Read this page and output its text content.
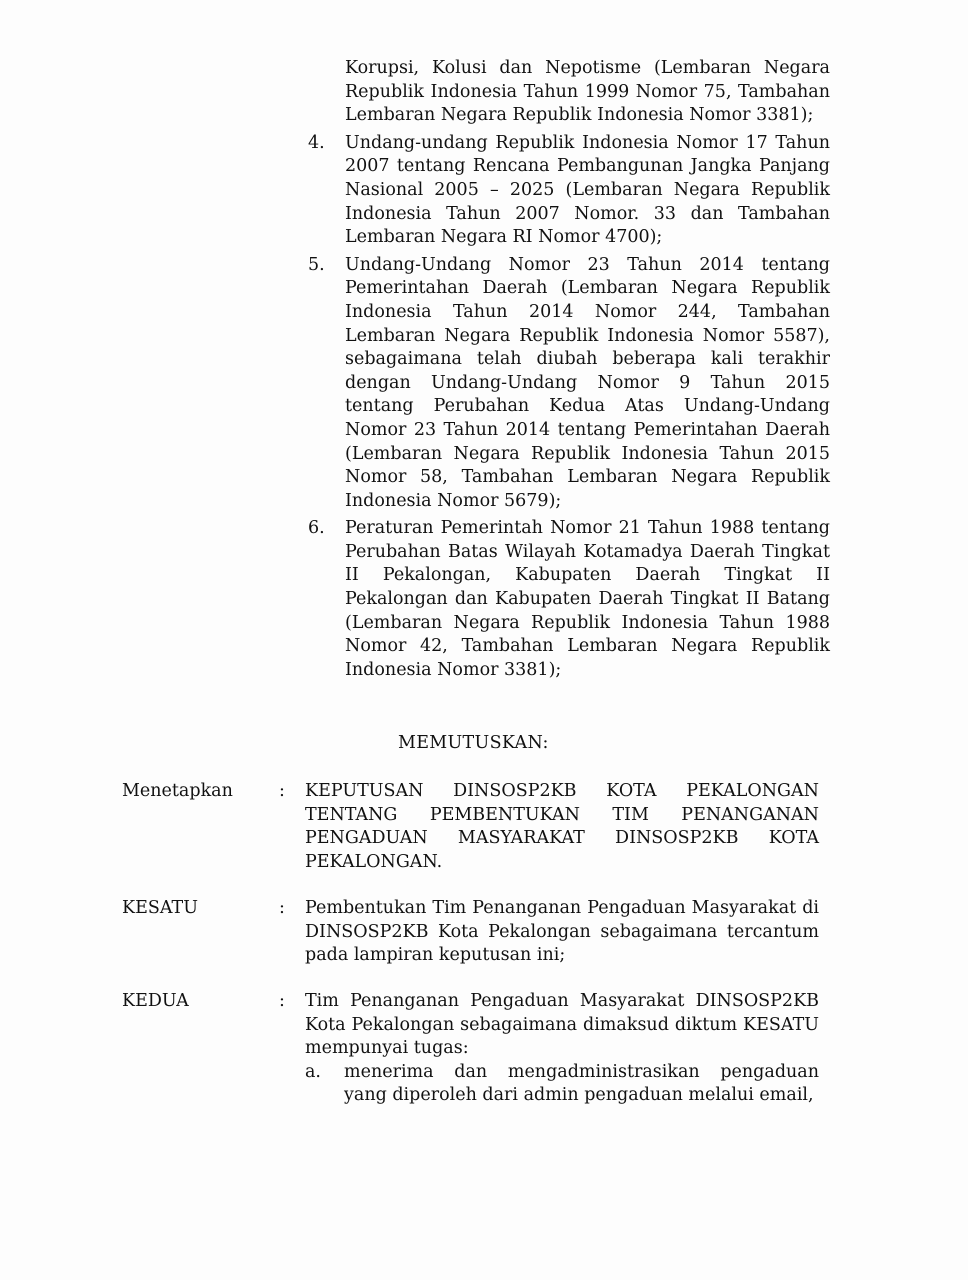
Korupsi, Kolusi dan Nepotisme (Lembaran Negara Republik Indonesia Tahun 1999 Nomor 75, Tambahan Lembaran Negara Republik Indonesia Nomor 3381);
4. Undang-undang Republik Indonesia Nomor 17 Tahun 2007 tentang Rencana Pembangunan Jangka Panjang Nasional 2005 – 2025 (Lembaran Negara Republik Indonesia Tahun 2007 Nomor. 33 dan Tambahan Lembaran Negara RI Nomor 4700);
5. Undang-Undang Nomor 23 Tahun 2014 tentang Pemerintahan Daerah (Lembaran Negara Republik Indonesia Tahun 2014 Nomor 244, Tambahan Lembaran Negara Republik Indonesia Nomor 5587), sebagaimana telah diubah beberapa kali terakhir dengan Undang-Undang Nomor 9 Tahun 2015 tentang Perubahan Kedua Atas Undang-Undang Nomor 23 Tahun 2014 tentang Pemerintahan Daerah (Lembaran Negara Republik Indonesia Tahun 2015 Nomor 58, Tambahan Lembaran Negara Republik Indonesia Nomor 5679);
6. Peraturan Pemerintah Nomor 21 Tahun 1988 tentang Perubahan Batas Wilayah Kotamadya Daerah Tingkat II Pekalongan, Kabupaten Daerah Tingkat II Pekalongan dan Kabupaten Daerah Tingkat II Batang (Lembaran Negara Republik Indonesia Tahun 1988 Nomor 42, Tambahan Lembaran Negara Republik Indonesia Nomor 3381);
MEMUTUSKAN:
Menetapkan	: KEPUTUSAN DINSOSP2KB KOTA PEKALONGAN TENTANG PEMBENTUKAN TIM PENANGANAN PENGADUAN MASYARAKAT DINSOSP2KB KOTA PEKALONGAN.
KESATU	: Pembentukan Tim Penanganan Pengaduan Masyarakat di DINSOSP2KB Kota Pekalongan sebagaimana tercantum pada lampiran keputusan ini;
KEDUA	: Tim Penanganan Pengaduan Masyarakat DINSOSP2KB Kota Pekalongan sebagaimana dimaksud diktum KESATU mempunyai tugas:
a. menerima dan mengadministrasikan pengaduan yang diperoleh dari admin pengaduan melalui email,
